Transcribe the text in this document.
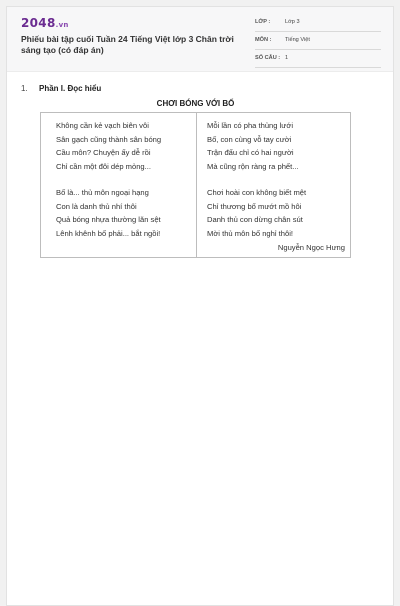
2048.vn
Phiếu bài tập cuối Tuần 24 Tiếng Việt lớp 3 Chân trời sáng tạo (có đáp án)
LỚP :	Lớp 3
MÔN : Tiếng Việt
SỐ CÂU : 1
1. Phần I. Đọc hiểu
CHƠI BÓNG VỚI BỐ
Không cần kẻ vạch biên vôi
Sân gạch cũng thành sân bóng
Cầu môn? Chuyện ấy dễ rồi
Chỉ cần một đôi dép mỏng...
Bố là... thủ môn ngoại hạng
Con là danh thủ nhí thôi
Quả bóng nhựa thường lăn sệt
Lênh khênh bố phải... bắt ngồi!
Mỗi lần có pha thủng lưới
Bố, con cùng vỗ tay cười
Trận đấu chỉ có hai người
Mà cũng rộn ràng ra phết...
Chơi hoài con không biết mệt
Chỉ thương bố mướt mồ hôi
Danh thủ con dừng chân sút
Mời thủ môn bố nghỉ thôi!
Nguyễn Ngọc Hưng
